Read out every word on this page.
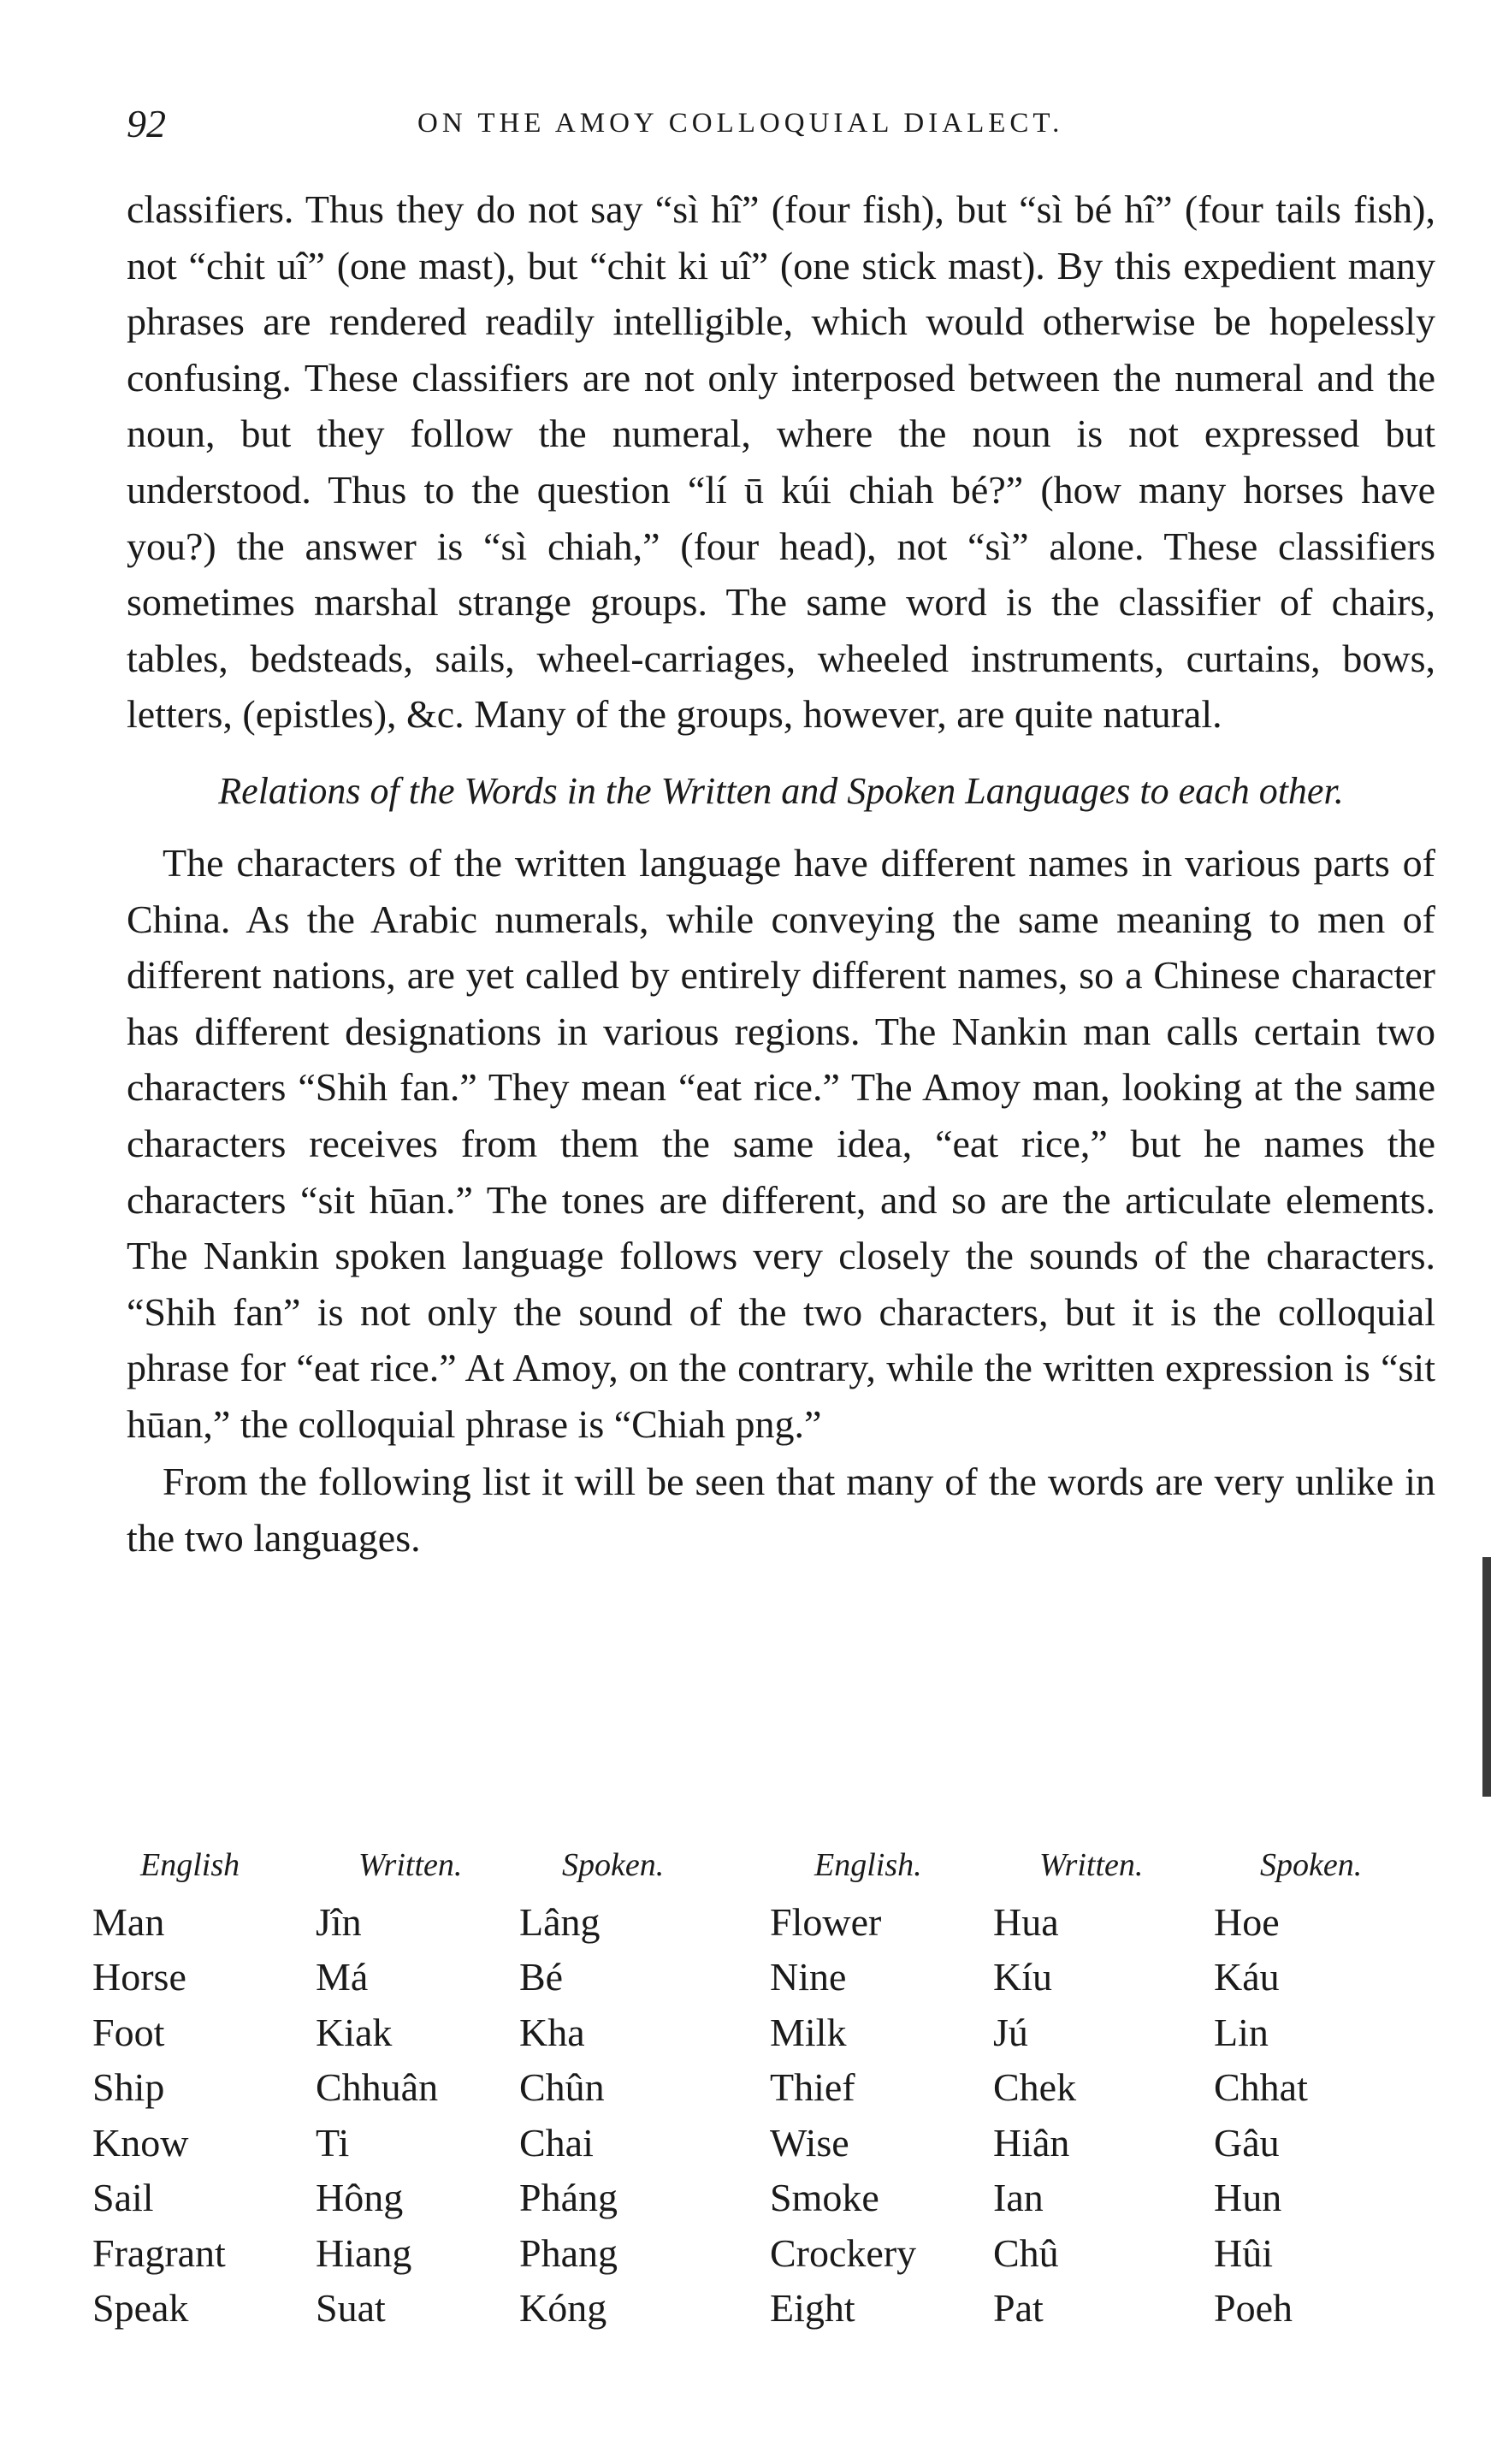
92	ON THE AMOY COLLOQUIAL DIALECT.

classifiers. Thus they do not say “sì hî” (four fish), but “sì bé hî” (four tails fish), not “chit uî” (one mast), but “chit ki uî” (one stick mast). By this expedient many phrases are rendered readily intelligible, which would otherwise be hopelessly confusing. These classifiers are not only interposed between the numeral and the noun, but they follow the numeral, where the noun is not expressed but understood. Thus to the question “lí ū kúi chiah bé?” (how many horses have you?) the answer is “sì chiah,” (four head), not “sì” alone. These classifiers sometimes marshal strange groups. The same word is the classifier of chairs, tables, bedsteads, sails, wheel-carriages, wheeled instruments, curtains, bows, letters, (epistles), &c. Many of the groups, however, are quite natural.

Relations of the Words in the Written and Spoken Languages to each other.

The characters of the written language have different names in various parts of China. As the Arabic numerals, while conveying the same meaning to men of different nations, are yet called by entirely different names, so a Chinese character has different designations in various regions. The Nankin man calls certain two characters “Shih fan.” They mean “eat rice.” The Amoy man, looking at the same characters receives from them the same idea, “eat rice,” but he names the characters “sit hūan.” The tones are different, and so are the articulate elements. The Nankin spoken language follows very closely the sounds of the characters. “Shih fan” is not only the sound of the two characters, but it is the colloquial phrase for “eat rice.” At Amoy, on the contrary, while the written expression is “sit hūan,” the colloquial phrase is “Chiah png.”

From the following list it will be seen that many of the words are very unlike in the two languages.

English	Written.	Spoken.	English.	Written.	Spoken.
Man	Jîn	Lâng	Flower	Hua	Hoe
Horse	Má	Bé	Nine	Kíu	Káu
Foot	Kiak	Kha	Milk	Jú	Lin
Ship	Chhuân	Chûn	Thief	Chek	Chhat
Know	Ti	Chai	Wise	Hiân	Gâu
Sail	Hông	Pháng	Smoke	Ian	Hun
Fragrant	Hiang	Phang	Crockery	Chû	Hûi
Speak	Suat	Kóng	Eight	Pat	Poeh
